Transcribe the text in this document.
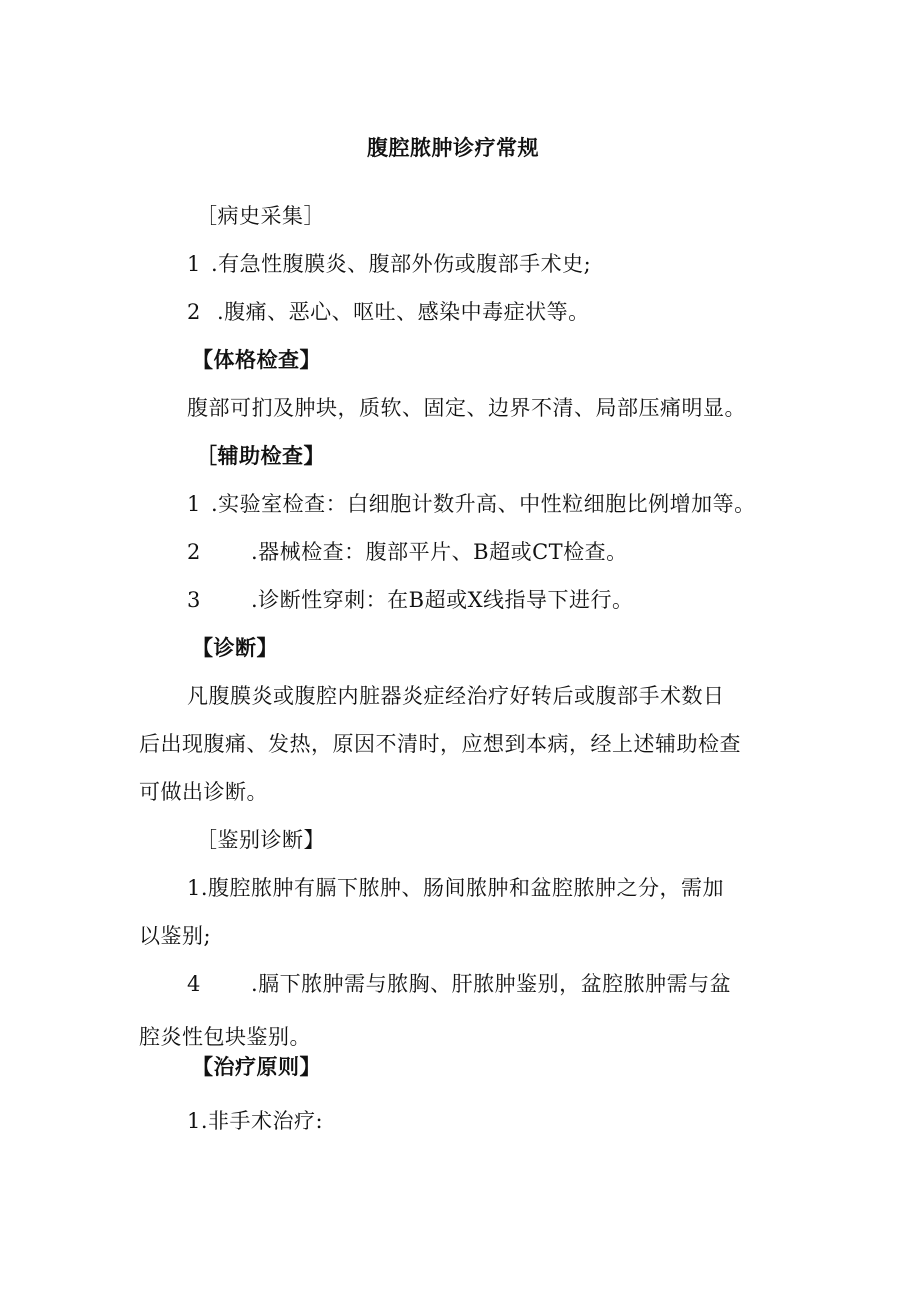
腹腔脓肿诊疗常规
［病史采集］
1 .有急性腹膜炎、腹部外伤或腹部手术史;
2 .腹痛、恶心、呕吐、感染中毒症状等。
【体格检查】
腹部可扪及肿块，质软、固定、边界不清、局部压痛明显。
［辅助检查】
1 .实验室检查：白细胞计数升高、中性粒细胞比例增加等。
2 .器械检查：腹部平片、B超或CT检查。
3 .诊断性穿刺：在B超或X线指导下进行。
【诊断】
凡腹膜炎或腹腔内脏器炎症经治疗好转后或腹部手术数日
后出现腹痛、发热，原因不清时，应想到本病，经上述辅助检查
可做出诊断。
［鉴别诊断】
1.腹腔脓肿有膈下脓肿、肠间脓肿和盆腔脓肿之分，需加
以鉴别;
4 .膈下脓肿需与脓胸、肝脓肿鉴别，盆腔脓肿需与盆
腔炎性包块鉴别。
【治疗原则】
1.非手术治疗:
